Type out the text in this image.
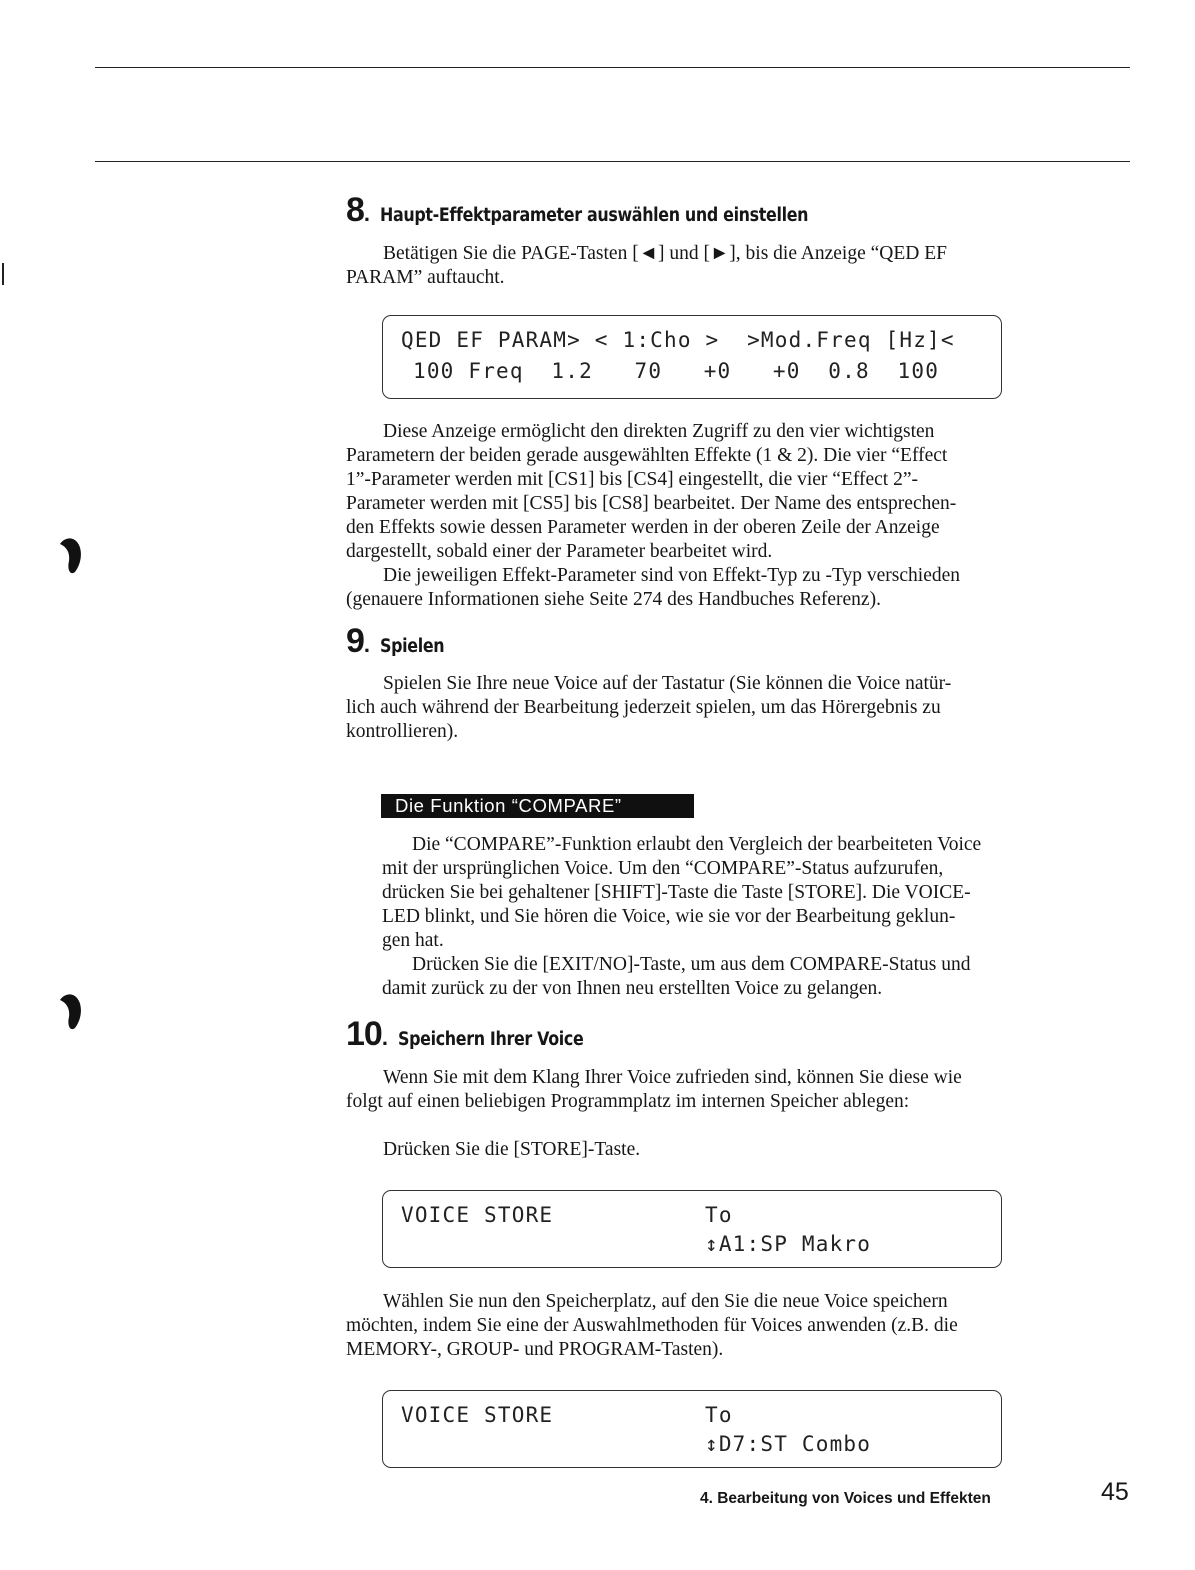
8. Haupt-Effektparameter auswählen und einstellen
Betätigen Sie die PAGE-Tasten [◄] und [►], bis die Anzeige “QED EF
PARAM” auftaucht.
QED EF PARAM> < 1:Cho >  >Mod.Freq [Hz]<
100 Freq  1.2   70   +0   +0  0.8  100
Diese Anzeige ermöglicht den direkten Zugriff zu den vier wichtigsten
Parametern der beiden gerade ausgewählten Effekte (1 & 2). Die vier “Effect
1”-Parameter werden mit [CS1] bis [CS4] eingestellt, die vier “Effect 2”-
Parameter werden mit [CS5] bis [CS8] bearbeitet. Der Name des entsprechen-
den Effekts sowie dessen Parameter werden in der oberen Zeile der Anzeige
dargestellt, sobald einer der Parameter bearbeitet wird.
Die jeweiligen Effekt-Parameter sind von Effekt-Typ zu -Typ verschieden
(genauere Informationen siehe Seite 274 des Handbuches Referenz).
9. Spielen
Spielen Sie Ihre neue Voice auf der Tastatur (Sie können die Voice natür-
lich auch während der Bearbeitung jederzeit spielen, um das Hörergebnis zu
kontrollieren).
Die Funktion “COMPARE”
Die “COMPARE”-Funktion erlaubt den Vergleich der bearbeiteten Voice
mit der ursprünglichen Voice. Um den “COMPARE”-Status aufzurufen,
drücken Sie bei gehaltener [SHIFT]-Taste die Taste [STORE]. Die VOICE-
LED blinkt, und Sie hören die Voice, wie sie vor der Bearbeitung geklun-
gen hat.
Drücken Sie die [EXIT/NO]-Taste, um aus dem COMPARE-Status und
damit zurück zu der von Ihnen neu erstellten Voice zu gelangen.
10. Speichern Ihrer Voice
Wenn Sie mit dem Klang Ihrer Voice zufrieden sind, können Sie diese wie
folgt auf einen beliebigen Programmplatz im internen Speicher ablegen:
Drücken Sie die [STORE]-Taste.
VOICE STORE	To
↕A1:SP Makro
Wählen Sie nun den Speicherplatz, auf den Sie die neue Voice speichern
möchten, indem Sie eine der Auswahlmethoden für Voices anwenden (z.B. die
MEMORY-, GROUP- und PROGRAM-Tasten).
VOICE STORE	To
↕D7:ST Combo
4. Bearbeitung von Voices und Effekten	45
